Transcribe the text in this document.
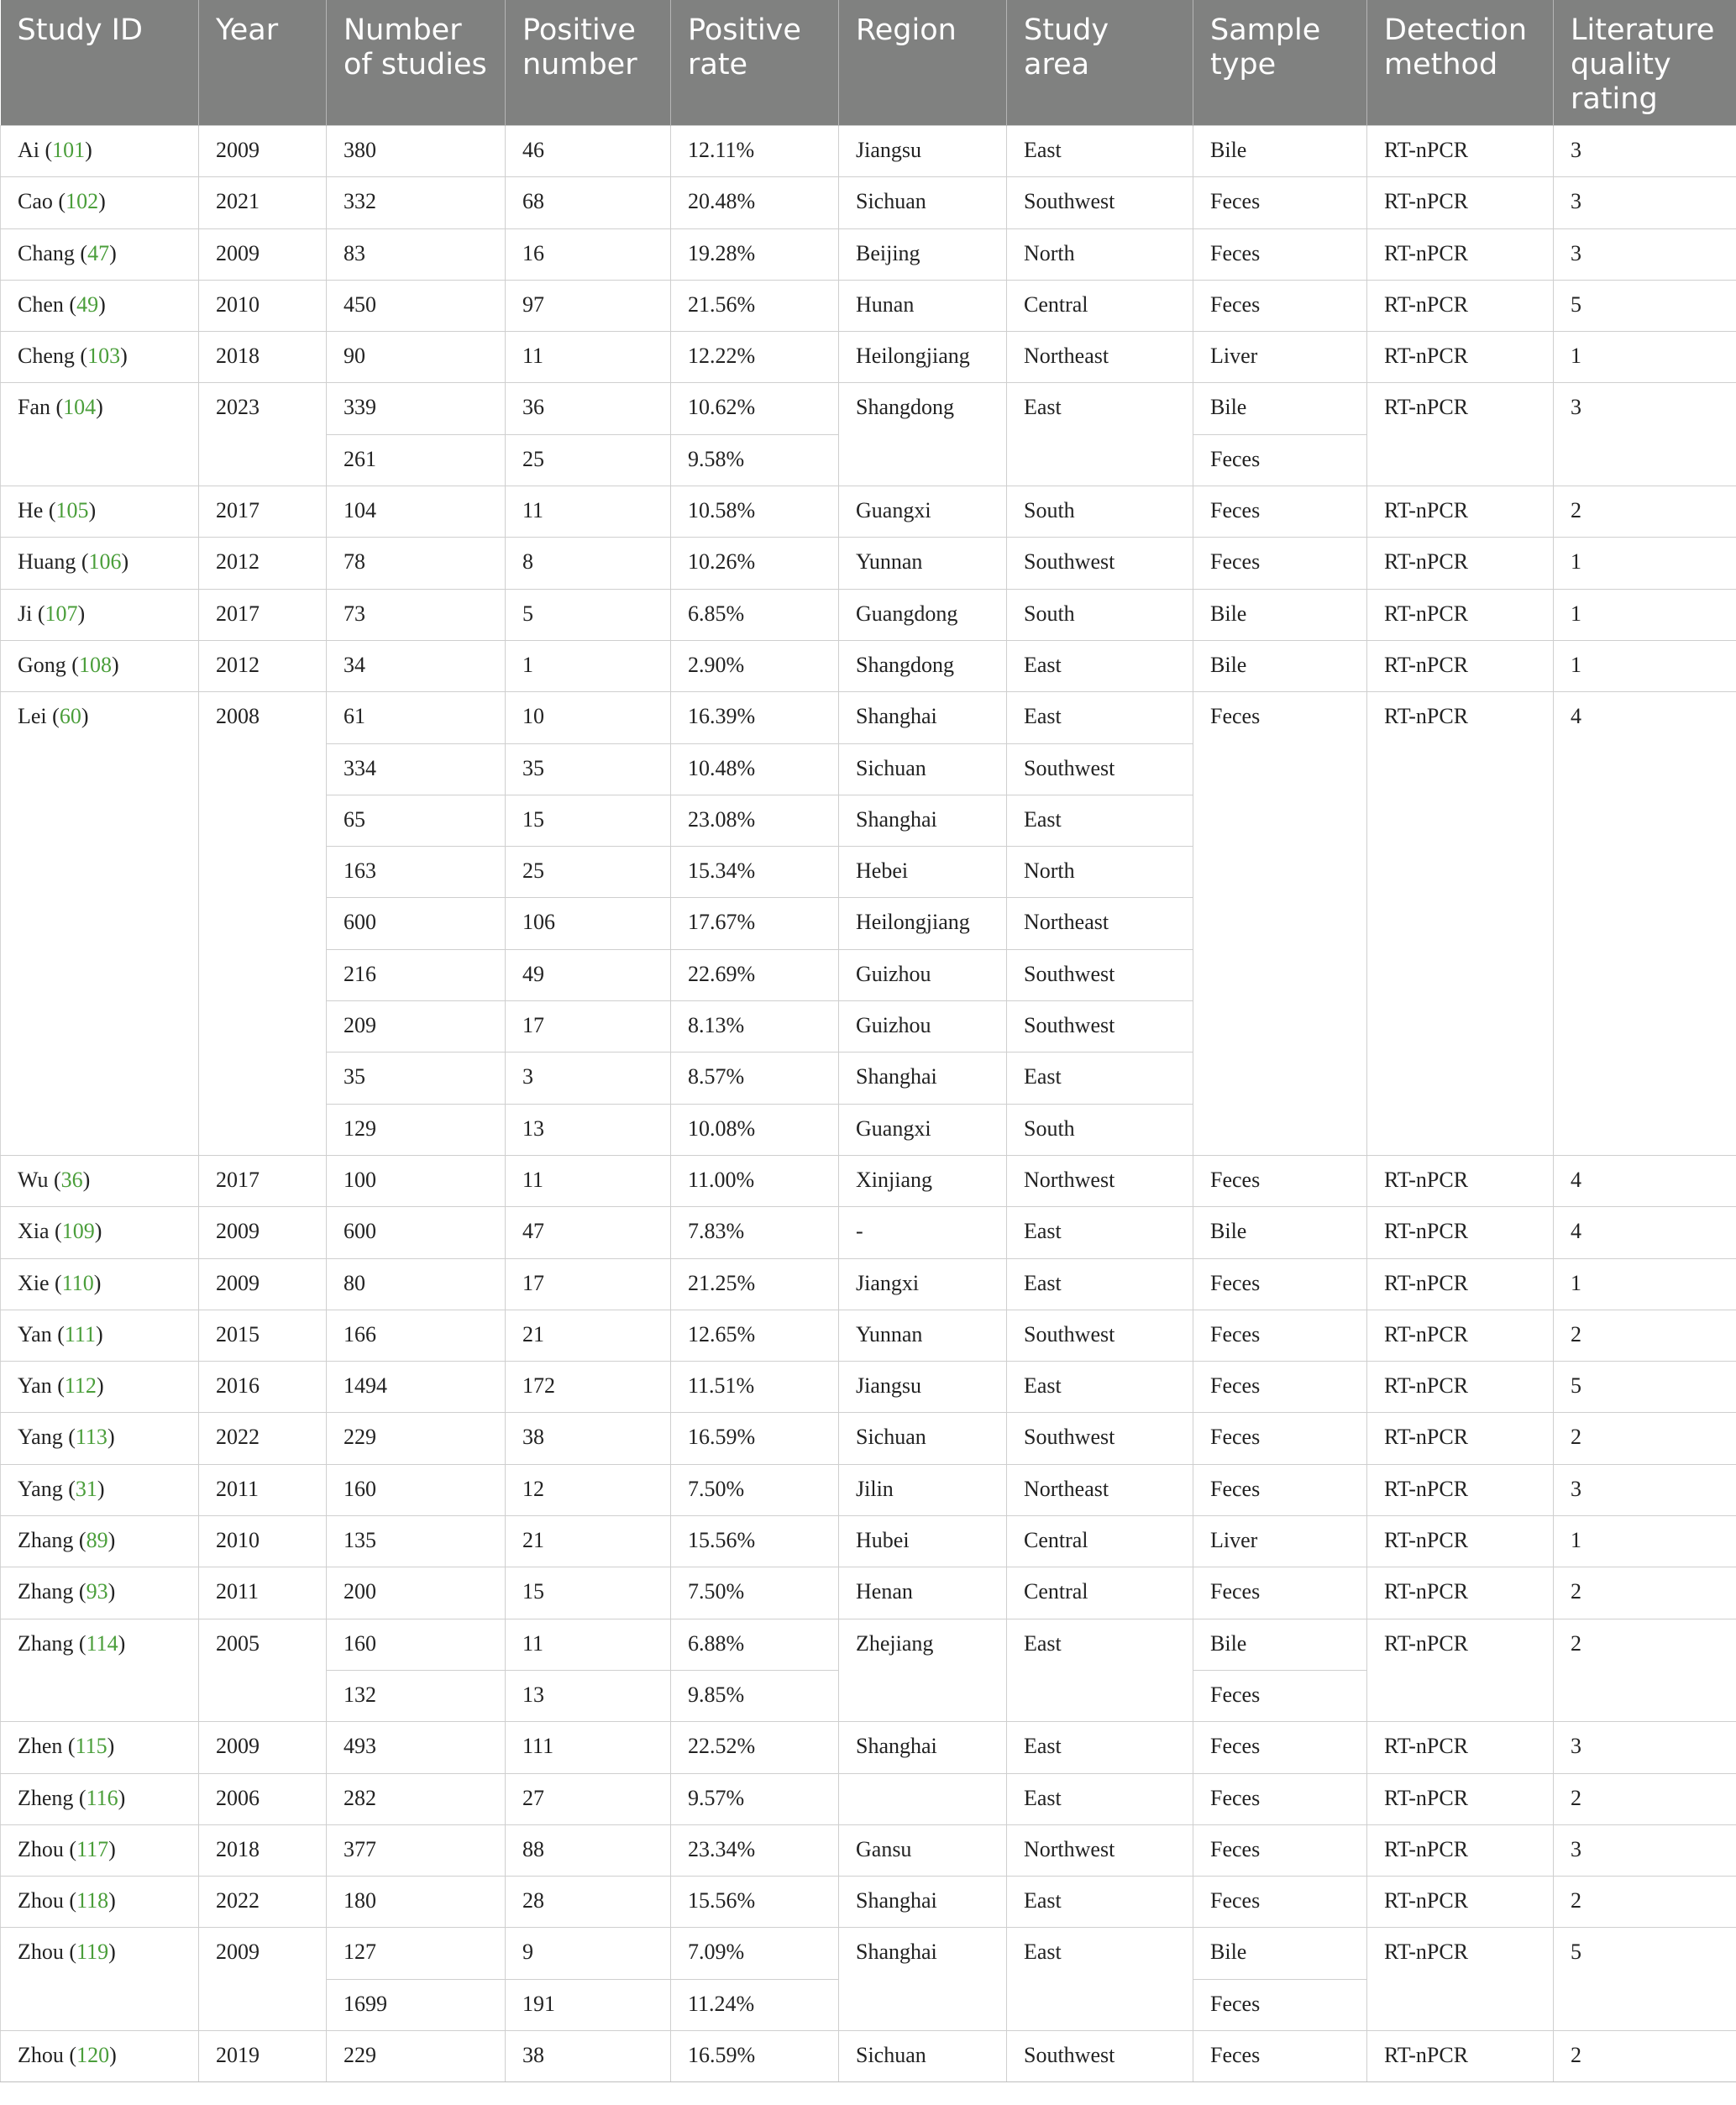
Study ID	Year	Number of studies	Positive number	Positive rate	Region	Study area	Sample type	Detection method	Literature quality rating
Ai (101)	2009	380	46	12.11%	Jiangsu	East	Bile	RT-nPCR	3
Cao (102)	2021	332	68	20.48%	Sichuan	Southwest	Feces	RT-nPCR	3
Chang (47)	2009	83	16	19.28%	Beijing	North	Feces	RT-nPCR	3
Chen (49)	2010	450	97	21.56%	Hunan	Central	Feces	RT-nPCR	5
Cheng (103)	2018	90	11	12.22%	Heilongjiang	Northeast	Liver	RT-nPCR	1
Fan (104)	2023	339	36	10.62%	Shangdong	East	Bile	RT-nPCR	3
		261	25	9.58%			Feces		
He (105)	2017	104	11	10.58%	Guangxi	South	Feces	RT-nPCR	2
Huang (106)	2012	78	8	10.26%	Yunnan	Southwest	Feces	RT-nPCR	1
Ji (107)	2017	73	5	6.85%	Guangdong	South	Bile	RT-nPCR	1
Gong (108)	2012	34	1	2.90%	Shangdong	East	Bile	RT-nPCR	1
Lei (60)	2008	61	10	16.39%	Shanghai	East	Feces	RT-nPCR	4
		334	35	10.48%	Sichuan	Southwest			
		65	15	23.08%	Shanghai	East			
		163	25	15.34%	Hebei	North			
		600	106	17.67%	Heilongjiang	Northeast			
		216	49	22.69%	Guizhou	Southwest			
		209	17	8.13%	Guizhou	Southwest			
		35	3	8.57%	Shanghai	East			
		129	13	10.08%	Guangxi	South			
Wu (36)	2017	100	11	11.00%	Xinjiang	Northwest	Feces	RT-nPCR	4
Xia (109)	2009	600	47	7.83%	-	East	Bile	RT-nPCR	4
Xie (110)	2009	80	17	21.25%	Jiangxi	East	Feces	RT-nPCR	1
Yan (111)	2015	166	21	12.65%	Yunnan	Southwest	Feces	RT-nPCR	2
Yan (112)	2016	1494	172	11.51%	Jiangsu	East	Feces	RT-nPCR	5
Yang (113)	2022	229	38	16.59%	Sichuan	Southwest	Feces	RT-nPCR	2
Yang (31)	2011	160	12	7.50%	Jilin	Northeast	Feces	RT-nPCR	3
Zhang (89)	2010	135	21	15.56%	Hubei	Central	Liver	RT-nPCR	1
Zhang (93)	2011	200	15	7.50%	Henan	Central	Feces	RT-nPCR	2
Zhang (114)	2005	160	11	6.88%	Zhejiang	East	Bile	RT-nPCR	2
		132	13	9.85%			Feces		
Zhen (115)	2009	493	111	22.52%	Shanghai	East	Feces	RT-nPCR	3
Zheng (116)	2006	282	27	9.57%		East	Feces	RT-nPCR	2
Zhou (117)	2018	377	88	23.34%	Gansu	Northwest	Feces	RT-nPCR	3
Zhou (118)	2022	180	28	15.56%	Shanghai	East	Feces	RT-nPCR	2
Zhou (119)	2009	127	9	7.09%	Shanghai	East	Bile	RT-nPCR	5
		1699	191	11.24%			Feces		
Zhou (120)	2019	229	38	16.59%	Sichuan	Southwest	Feces	RT-nPCR	2
